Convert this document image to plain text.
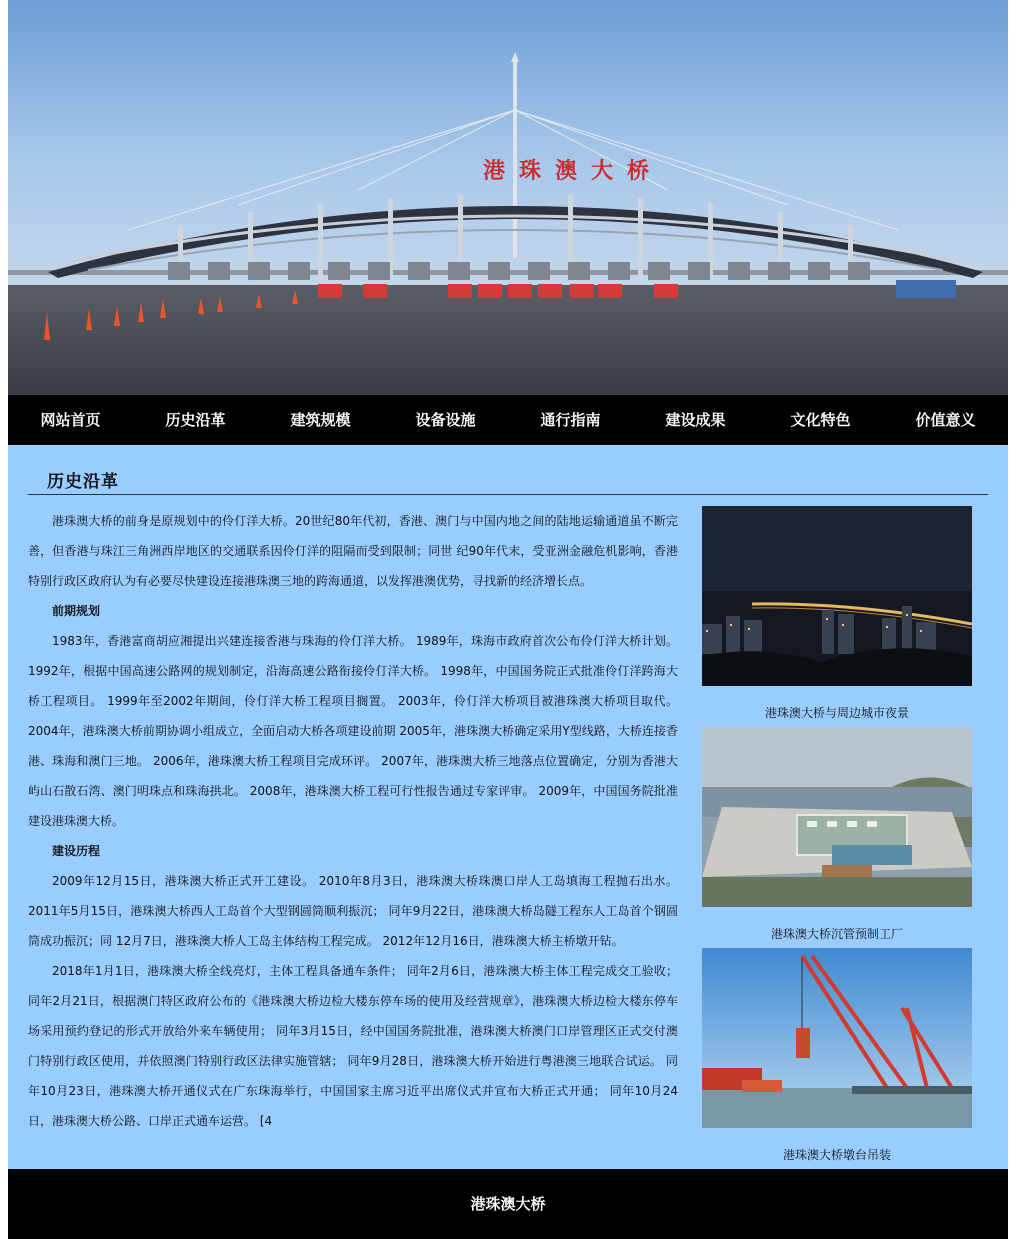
港珠澳大桥
网站首页	历史沿革	建筑规模	设备设施	通行指南	建设成果	文化特色	价值意义
历史沿革

港珠澳大桥的前身是原规划中的伶仃洋大桥。20世纪80年代初，香港、澳门与中国内地之间的陆地运输通道虽不断完善，但香港与珠江三角洲西岸地区的交通联系因伶仃洋的阻隔而受到限制；同世 纪90年代末，受亚洲金融危机影响，香港特别行政区政府认为有必要尽快建设连接港珠澳三地的跨海通道，以发挥港澳优势，寻找新的经济增长点。

前期规划

1983年，香港富商胡应湘提出兴建连接香港与珠海的伶仃洋大桥。 1989年，珠海市政府首次公布伶仃洋大桥计划。 1992年，根据中国高速公路网的规划制定，沿海高速公路衔接伶仃洋大桥。 1998年，中国国务院正式批准伶仃洋跨海大桥工程项目。 1999年至2002年期间，伶仃洋大桥工程项目搁置。 2003年，伶仃洋大桥项目被港珠澳大桥项目取代。 2004年，港珠澳大桥前期协调小组成立，全面启动大桥各项建设前期 2005年，港珠澳大桥确定采用Y型线路，大桥连接香港、珠海和澳门三地。 2006年，港珠澳大桥工程项目完成环评。 2007年，港珠澳大桥三地落点位置确定，分别为香港大屿山石散石湾、澳门明珠点和珠海拱北。 2008年，港珠澳大桥工程可行性报告通过专家评审。 2009年，中国国务院批准建设港珠澳大桥。

建设历程

2009年12月15日，港珠澳大桥正式开工建设。 2010年8月3日，港珠澳大桥珠澳口岸人工岛填海工程抛石出水。 2011年5月15日，港珠澳大桥西人工岛首个大型钢圆筒顺利振沉； 同年9月22日，港珠澳大桥岛隧工程东人工岛首个钢圆筒成功振沉；同 12月7日，港珠澳大桥人工岛主体结构工程完成。 2012年12月16日，港珠澳大桥主桥墩开钻。

2018年1月1日，港珠澳大桥全线亮灯，主体工程具备通车条件； 同年2月6日，港珠澳大桥主体工程完成交工验收； 同年2月21日，根据澳门特区政府公布的《港珠澳大桥边检大楼东停车场的使用及经营规章》，港珠澳大桥边检大楼东停车场采用预约登记的形式开放给外来车辆使用； 同年3月15日，经中国国务院批准，港珠澳大桥澳门口岸管理区正式交付澳门特别行政区使用，并依照澳门特别行政区法律实施管辖； 同年9月28日，港珠澳大桥开始进行粤港澳三地联合试运。 同年10月23日，港珠澳大桥开通仪式在广东珠海举行，中国国家主席习近平出席仪式并宣布大桥正式开通； 同年10月24日，港珠澳大桥公路、口岸正式通车运营。 [4

港珠澳大桥与周边城市夜景
港珠澳大桥沉管预制工厂
港珠澳大桥墩台吊装
港珠澳大桥
